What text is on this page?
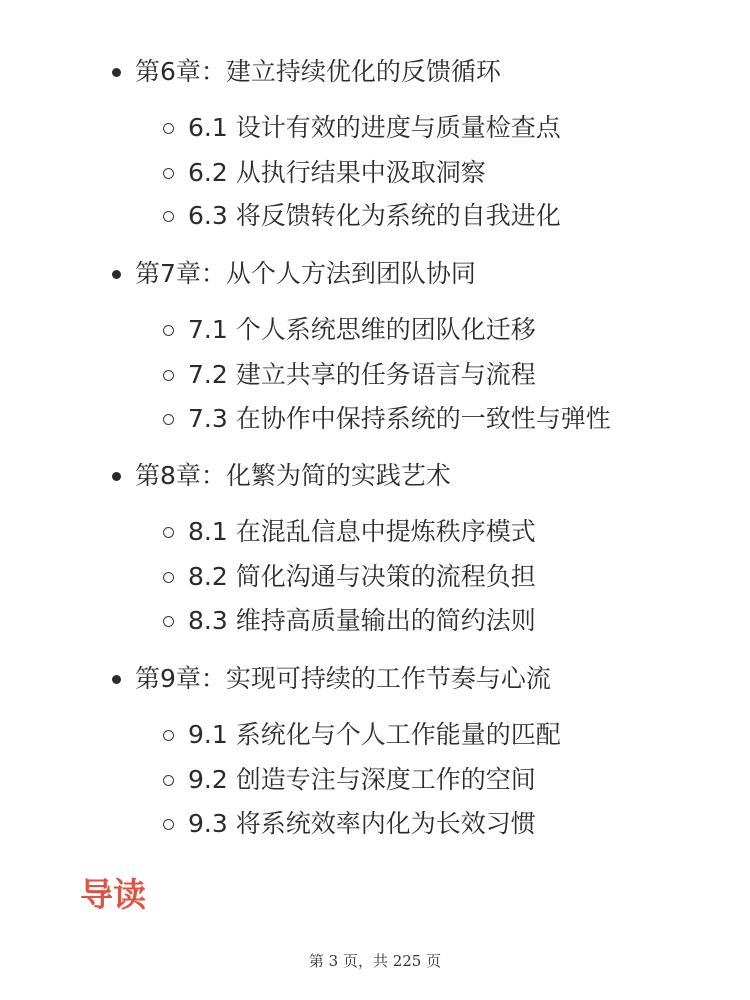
第6章：建立持续优化的反馈循环
6.1 设计有效的进度与质量检查点
6.2 从执行结果中汲取洞察
6.3 将反馈转化为系统的自我进化
第7章：从个人方法到团队协同
7.1 个人系统思维的团队化迁移
7.2 建立共享的任务语言与流程
7.3 在协作中保持系统的一致性与弹性
第8章：化繁为简的实践艺术
8.1 在混乱信息中提炼秩序模式
8.2 简化沟通与决策的流程负担
8.3 维持高质量输出的简约法则
第9章：实现可持续的工作节奏与心流
9.1 系统化与个人工作能量的匹配
9.2 创造专注与深度工作的空间
9.3 将系统效率内化为长效习惯
导读
第 3 页，共 225 页
